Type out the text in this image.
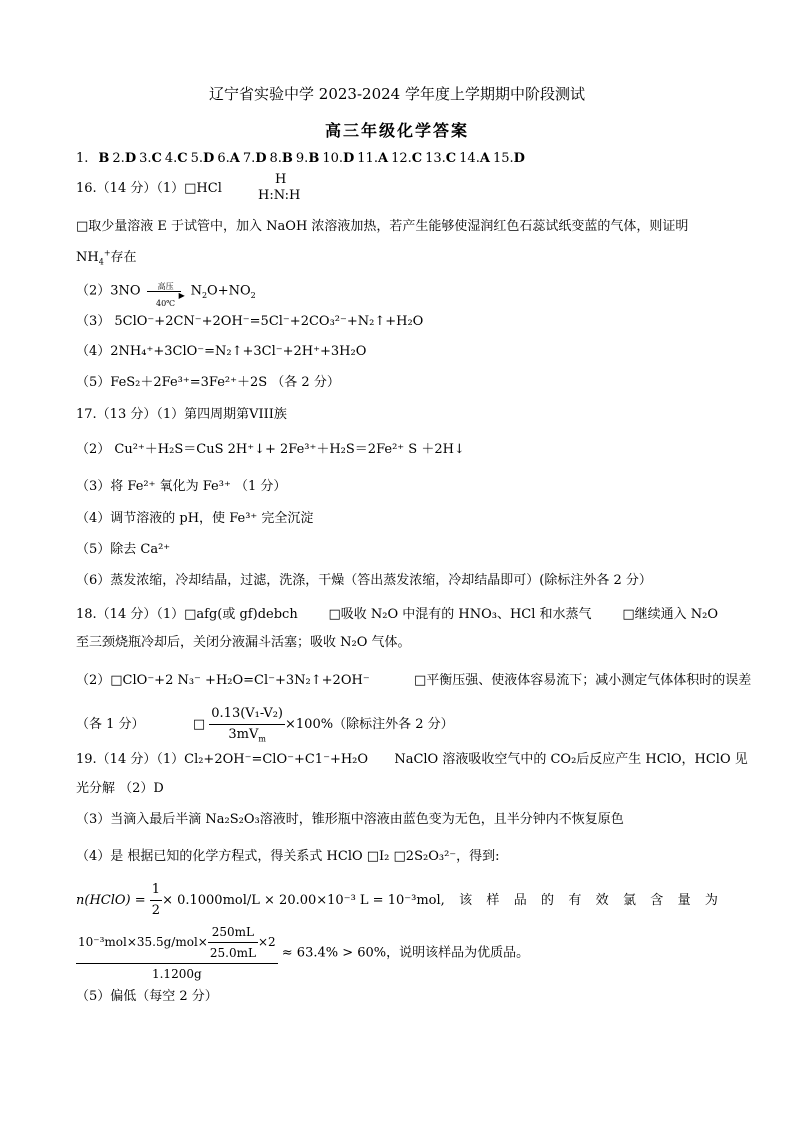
辽宁省实验中学 2023-2024 学年度上学期期中阶段测试
高三年级化学答案
1. B 2.D 3.C 4.C 5.D 6.A 7.D 8.B 9.B 10.D 11.A 12.C 13.C 14.A 15.D
16.（14 分）（1）□HCl
H
H:N:H
□取少量溶液 E 于试管中，加入 NaOH 浓溶液加热，若产生能够使湿润红色石蕊试纸变蓝的气体，则证明
$NH_4^+$存在
（2）3NO	高压
▶
40℃
$N_2O+NO_2$
（3） 5ClO⁻+2CN⁻+2OH⁻=5Cl⁻+2CO₃²⁻+N₂↑+H₂O
（4）2NH₄⁺+3ClO⁻=N₂↑+3Cl⁻+2H⁺+3H₂O
（5）FeS₂＋2Fe³⁺=3Fe²⁺＋2S （各 2 分）
17.（13 分）（1）第四周期第VIII族
（2） Cu²⁺＋H₂S＝CuS 2H⁺↓+ 2Fe³⁺＋H₂S＝2Fe²⁺ S ＋2H↓
（3）将 Fe²⁺ 氧化为 Fe³⁺ （1 分）
（4）调节溶液的 pH，使 Fe³⁺ 完全沉淀
（5）除去 Ca²⁺
（6）蒸发浓缩，冷却结晶，过滤，洗涤，干燥（答出蒸发浓缩，冷却结晶即可）(除标注外各 2 分）
18.（14 分）（1）□afg(或 gf)debch □吸收 N₂O 中混有的 HNO₃、HCl 和水蒸气 □继续通入 N₂O
至三颈烧瓶冷却后，关闭分液漏斗活塞；吸收 N₂O 气体。
（2）□ClO⁻+2 N₃⁻ +H₂O=Cl⁻+3N₂↑+2OH⁻	□平衡压强、使液体容易流下；减小测定气体体积时的误差
（各 1 分）	□ $\frac{\text{0.13(V₁-V₂)}}{3mV_m} \times 100\%$（除标注外各 2 分）
19.（14 分）（1）Cl₂+2OH⁻=ClO⁻+C1⁻+H₂O NaClO 溶液吸收空气中的 CO₂后反应产生 HClO，HClO 见
光分解 （2）D
（3）当滴入最后半滴 Na₂S₂O₃溶液时，锥形瓶中溶液由蓝色变为无色，且半分钟内不恢复原色
（4）是 根据已知的化学方程式，得关系式 HClO □I₂ □2S₂O₃²⁻，得到:
n(HClO) = $\frac{1}{2} \times 0.1000mol/L \times 20.00\times 10^{-3}$ L = 10⁻³mol , 该 样 品 的 有 效 氯 含 量 为
$\frac{10^{-3}mol\times 35.5g/mol\times \frac{250mL}{25.0mL} \times 2}{1.1200g} \approx 63.4\% > 60\%$，说明该样品为优质品。
（5）偏低（每空 2 分）
